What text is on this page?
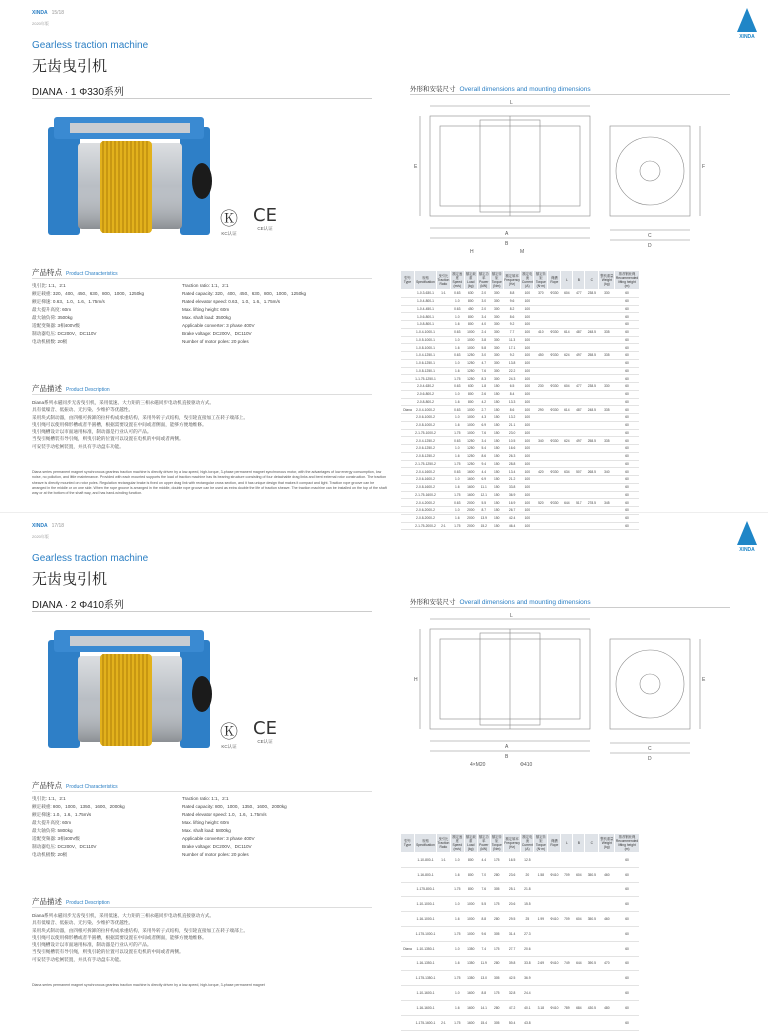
XINDA 15/18
2020年版
XINDA
Gearless traction machine
无齿曳引机
DIANA · 1 Φ330系列	外形和安装尺寸 Overall dimensions and mounting dimensions
Ⓚ
KC认证
CE
CE认证
产品特点 Product Characteristics
曳引比: 1:1、2:1	Traction ratio: 1:1、2:1
额定载重: 320、400、450、630、800、1000、1250kg	Rated capacity: 320、400、450、630、800、1000、1250kg
额定梯速: 0.63、1.0、1.6、1.75m/s	Rated elevator speed: 0.63、1.0、1.6、1.75m/s
最大提升高度: 60m	Max. lifting height: 60m
最大轴负荷: 3500kg	Max. shaft load: 3500kg
适配变频器: 3相400V级	Applicable converter: 3 phase 400V
制动器电压: DC200V、DC110V	Brake voltage: DC200V、DC110V
电动机极数: 20极	Number of motor poles: 20 poles
产品描述 Product Description
Diana系列永磁同步无齿曳引机，采用低速、大力矩的三相永磁同步电动机直接驱动方式。
具有低噪音、低振动、无污染、少维护等优越性。
采用块式制动器，由四根可拆卸的拉杆构成承重结构，采用外转子式结构，曳引轮直接加工在转子端部上。
曳引绳可以使用梯形槽或者半圆槽，根据需要设置在中间或者侧面，能够方便地维修。
曳引绳槽设计以市面通用标准，制动器是行业认可的产品。
当曳引绳槽装有导引绳，则曳引轮的位置可以设置在电机的中间或者两侧。
可安装手动松闸装置，并具有手动盘车功能。
Diana series permanent magnet synchronous gearless traction machine is directly driven by a low-speed, high-torque, 3-phase permanent magnet synchronous motor, with the advantages of low energy consumption, low noise, no pollution, and little maintenance. Provided with each mounted supports the load of traction machine has its bearing structure consisting of four detachable drag links and bent external rotor construction. The traction sheave is directly mounted on rotor poles. Regulation rectangular brake is fixed on upper drag link with rectangular cross section, and it has unique design that makes it compact and light. Traction rope groove can be arranged in the middle or on one side. When the rope groove is arranged in the middle, double rope groove can be used as extra double the life of traction sheave. The traction machine can be installed on the top of the shaft way or at the bottom of the shaft way, and has hand-winding function.
L
A
B
C
D
E	F
H	M
型号 Type	规格 Specification	曳引比 Traction Ratio	额定速度 Speed (m/s)	额定载重 Load (kg)	额定功率 Power (kW)	额定转矩 Torque (Nm)	额定频率 Frequency (Hz)	额定电流 Current (A)	额定转矩 Torque (N·m)	绳槽 Rope	L	B	C	整机重量 Weight (kg)	推荐钢丝绳 Recommended lifting height (m)
	1-0.3-630-1	1:1	0.63	630	2.0	300	8.8	100	370	Φ330	604	477	238.5	330	60
	1-0.4-800-1		1.0	800	3.0	300	9.6	100							60
	1-0.4-450-1		0.63	450	2.0	300	8.2	100							60
	1-0.6-800-1		1.0	800	3.4	300	8.6	100							60
	1-0.8-800-1		1.6	800	4.0	300	9.2	100							60
	1-0.4-1000-1		0.63	1000	2.4	300	7.7	100	410	Φ330	614	487	248.5	335	60
	1-0.5-1000-1		1.0	1000	3.8	300	11.3	100							60
	1-0.8-1000-1		1.6	1000	5.8	300	17.1	100							60
	1-0.4-1250-1		0.63	1250	3.0	300	9.2	100	450	Φ330	624	497	258.5	335	60
	1-0.6-1250-1		1.0	1250	4.7	300	13.8	100							60
	1-0.8-1250-1		1.6	1250	7.6	300	22.2	100							60
	1-1.75-1250-1		1.75	1250	8.3	300	24.3	100							60
	2-0.4-630-2		0.63	630	1.8	150	6.5	100	230	Φ330	604	477	238.5	330	60
	2-0.6-800-2		1.0	800	2.6	150	8.4	100							60
	2-0.8-800-2		1.6	800	4.2	150	13.3	100							60
Diana	2-0.4-1000-2		0.63	1000	2.7	150	8.6	100	290	Φ330	614	487	248.5	335	60
	2-0.6-1000-2		1.0	1000	4.3	150	13.2	100							60
	2-0.8-1000-2		1.6	1000	6.9	150	21.1	100							60
	2-1.75-1000-2		1.75	1000	7.6	150	23.0	100							60
	2-0.4-1250-2		0.63	1250	3.4	150	10.5	100	340	Φ330	624	497	258.5	335	60
	2-0.6-1250-2		1.0	1250	5.4	150	16.6	100							60
	2-0.8-1250-2		1.6	1250	8.6	150	26.3	100							60
	2-1.75-1250-2		1.75	1250	9.4	150	28.8	100							60
	2-0.4-1600-2		0.63	1600	4.4	150	13.4	100	420	Φ330	634	507	268.5	340	60
	2-0.6-1600-2		1.0	1600	6.9	150	21.2	100							60
	2-0.8-1600-2		1.6	1600	11.1	150	33.8	100							60
	2-1.75-1600-2		1.75	1600	12.1	150	36.9	100							60
	2-0.4-2000-2		0.63	2000	5.5	150	16.9	100	520	Φ330	644	517	278.5	345	60
	2-0.6-2000-2		1.0	2000	8.7	150	26.7	100							60
	2-0.8-2000-2		1.6	2000	13.9	150	42.4	100							60
	2-1.75-2000-2	2:1	1.75	2000	15.2	150	46.4	100							60
XINDA 17/18
2020年版
XINDA
Gearless traction machine
无齿曳引机
DIANA · 2 Φ410系列	外形和安装尺寸 Overall dimensions and mounting dimensions
Ⓚ
KC认证
CE
CE认证
产品特点 Product Characteristics
曳引比: 1:1、2:1	Traction ratio: 1:1、2:1
额定载重: 800、1000、1350、1600、2000kg	Rated capacity: 800、1000、1350、1600、2000kg
额定梯速: 1.0、1.6、1.75m/s	Rated elevator speed: 1.0、1.6、1.75m/s
最大提升高度: 60m	Max. lifting height: 60m
最大轴负荷: 5800kg	Max. shaft load: 5800kg
适配变频器: 3相400V级	Applicable converter: 3 phase 400V
制动器电压: DC200V、DC110V	Brake voltage: DC200V、DC110V
电动机极数: 20极	Number of motor poles: 20 poles
产品描述 Product Description
Diana系列永磁同步无齿曳引机，采用低速、大力矩的三相永磁同步电动机直接驱动方式。
具有低噪音、低振动、无污染、少维护等优越性。
采用块式制动器，由四根可拆卸的拉杆构成承重结构，采用外转子式结构，曳引轮直接加工在转子端部上。
曳引绳可以使用梯形槽或者半圆槽，根据需要设置在中间或者侧面，能够方便地维修。
曳引绳槽设计以市面通用标准，制动器是行业认可的产品。
当曳引绳槽装有导引绳，则曳引轮的位置可以设置在电机的中间或者两侧。
可安装手动松闸装置，并具有手动盘车功能。
Diana series permanent magnet synchronous gearless traction machine is directly driven by a low-speed, high-torque, 3-phase permanent magnet
L
A
B
C
D
H	E
4×M20	Φ410
型号 Type	规格 Specification	曳引比 Traction Ratio	额定速度 Speed (m/s)	额定载重 Load (kg)	额定功率 Power (kW)	额定转矩 Torque (Nm)	额定频率 Frequency (Hz)	额定电流 Current (A)	额定转矩 Torque (N·m)	绳槽 Rope	L	B	C	整机重量 Weight (kg)	推荐钢丝绳 Recommended lifting height (m)
	1-10-800-1	1:1	1.0	800	4.4	175	16.5	12.5							60
	1-16-800-1		1.6	800	7.0	280	23.6	20	1.58	Φ410	709	604	350.5	460	60
	1-175-800-1		1.75	800	7.6	305	25.1	21.8							60
	1-10-1000-1		1.0	1000	5.5	175	20.6	15.5							60
	1-16-1000-1		1.6	1000	8.8	280	29.5	25	1.99	Φ410	709	604	350.5	460	60
	1-175-1000-1		1.75	1000	9.6	305	31.4	27.3							60
Diana	1-10-1350-1		1.0	1350	7.4	175	27.7	20.6							60
	1-16-1350-1		1.6	1350	11.9	280	39.8	33.8	2.69	Φ410	749	644	390.5	470	60
	1-175-1350-1		1.75	1350	13.0	305	42.5	36.9							60
	1-10-1600-1		1.0	1600	8.8	175	32.8	24.4							60
	1-16-1600-1		1.6	1600	14.1	280	47.2	40.1	3.18	Φ410	789	684	430.5	480	60
	1-175-1600-1	2:1	1.75	1600	15.4	305	50.4	43.8							60
